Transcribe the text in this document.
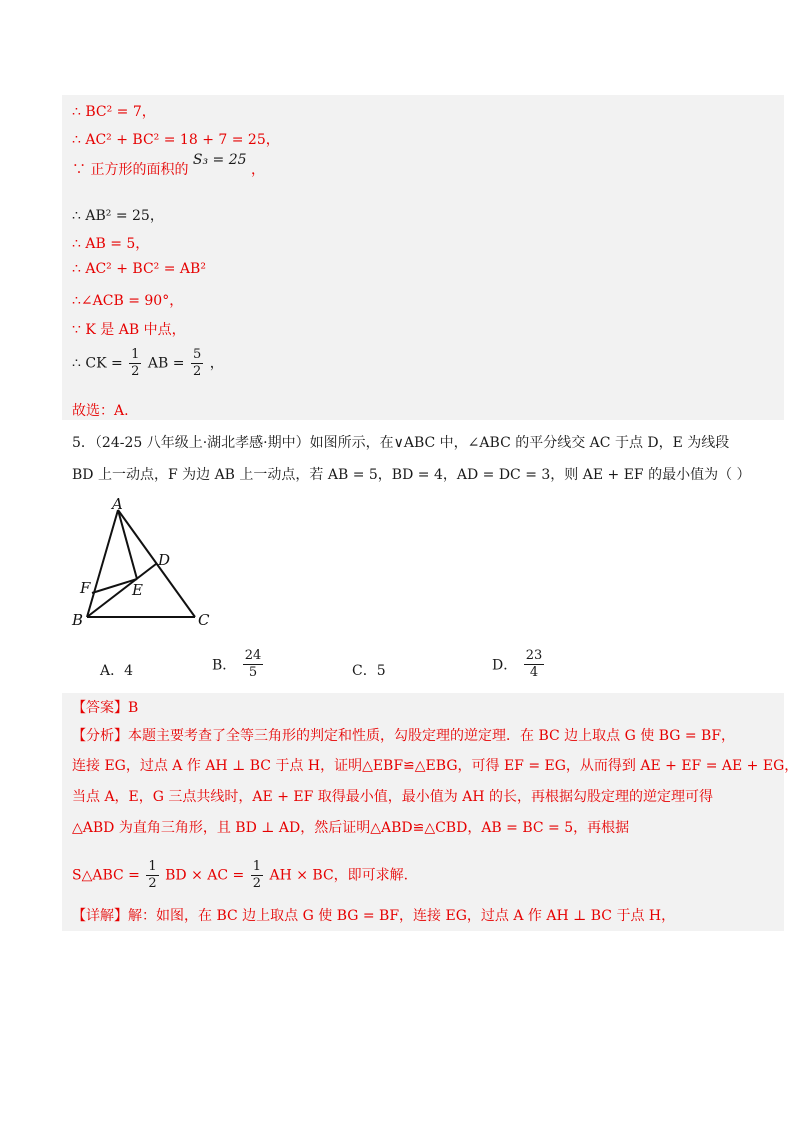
∴ BC² = 7，
∴ AC² + BC² = 18 + 7 = 25，
∵ 正方形的面积的 S₃ = 25 ，
∴ AB² = 25，
∴ AB = 5，
∴ AC² + BC² = AB²
∴∠ACB = 90°，
∵ K 是 AB 中点，
∴ CK = $\frac{1}{2}$ AB = $\frac{5}{2}$ ，
故选：A.
5．（24-25 八年级上·湖北孝感·期中）如图所示，在∨ABC 中，∠ABC 的平分线交 AC 于点 D，E 为线段
BD 上一动点，F 为边 AB 上一动点，若 AB = 5，BD = 4，AD = DC = 3，则 AE + EF 的最小值为（ ）
A
B	C
D
E
F
A．4	B． $\frac{24}{5}$	C．5	D． $\frac{23}{4}$
【答案】B
【分析】本题主要考查了全等三角形的判定和性质，勾股定理的逆定理．在 BC 边上取点 G 使 BG = BF，
连接 EG，过点 A 作 AH ⊥ BC 于点 H，证明△EBF≌△EBG，可得 EF = EG，从而得到 AE + EF = AE + EG，
当点 A，E，G 三点共线时，AE + EF 取得最小值，最小值为 AH 的长，再根据勾股定理的逆定理可得
△ABD 为直角三角形，且 BD ⊥ AD，然后证明△ABD≌△CBD，AB = BC = 5，再根据
S△ABC = $\frac{1}{2}$ BD × AC = $\frac{1}{2}$ AH × BC，即可求解.
【详解】解：如图，在 BC 边上取点 G 使 BG = BF，连接 EG，过点 A 作 AH ⊥ BC 于点 H，
